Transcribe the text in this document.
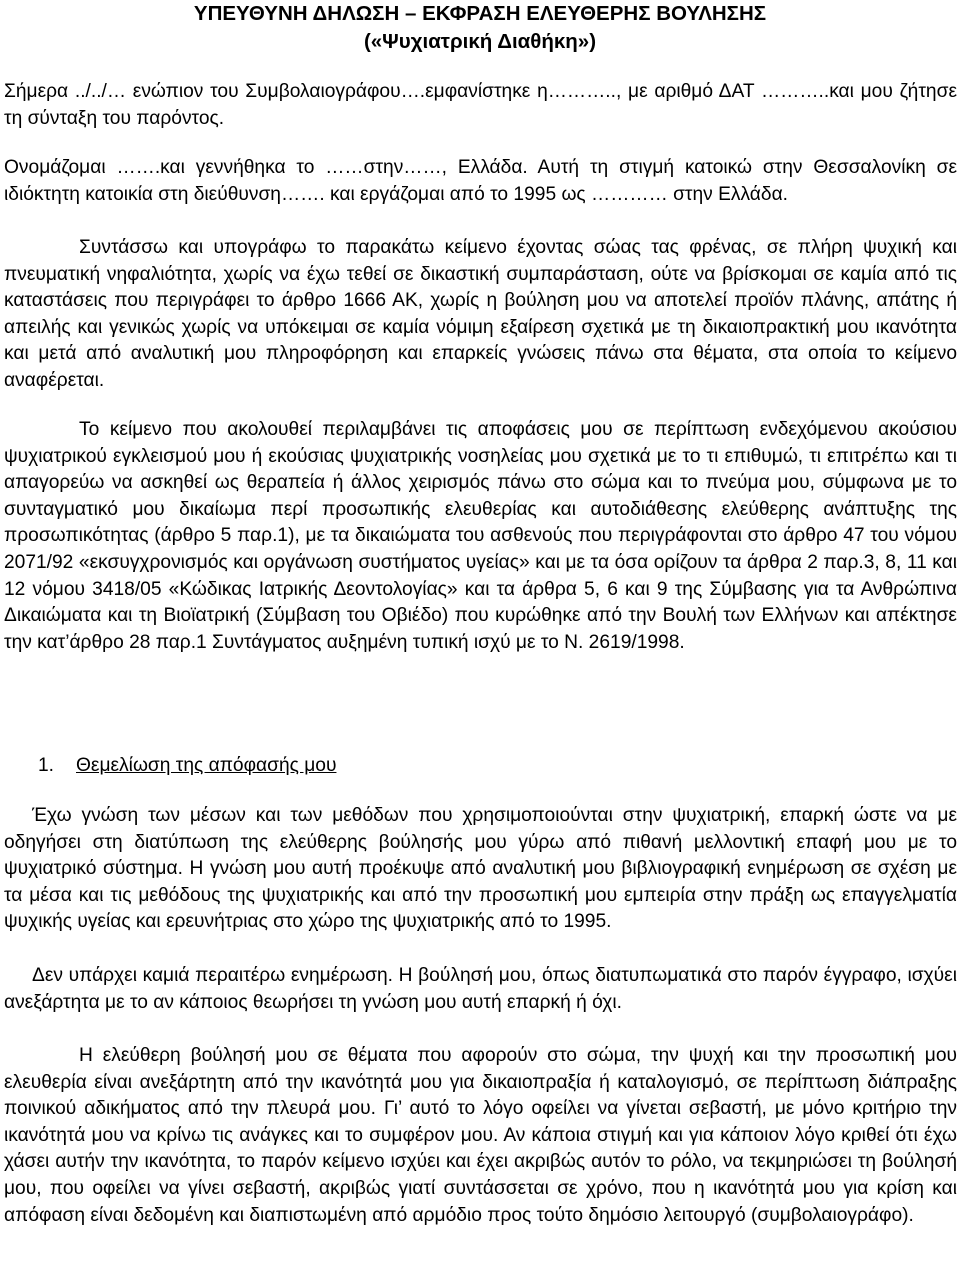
ΥΠΕΥΘΥΝΗ ΔΗΛΩΣΗ – ΕΚΦΡΑΣΗ ΕΛΕΥΘΕΡΗΣ ΒΟΥΛΗΣΗΣ

(«Ψυχιατρική Διαθήκη»)

Σήμερα ../../… ενώπιον του Συμβολαιογράφου….εμφανίστηκε η……….., με αριθμό ΔΑΤ ………..και μου ζήτησε τη σύνταξη του παρόντος.

Ονομάζομαι …….και γεννήθηκα το ……στην……, Ελλάδα. Αυτή τη στιγμή κατοικώ στην Θεσσαλονίκη σε ιδιόκτητη κατοικία στη διεύθυνση……. και εργάζομαι από το 1995 ως ………… στην Ελλάδα.

Συντάσσω και υπογράφω το παρακάτω κείμενο έχοντας σώας τας φρένας, σε πλήρη ψυχική και πνευματική νηφαλιότητα, χωρίς να έχω τεθεί σε δικαστική συμπαράσταση, ούτε να βρίσκομαι σε καμία από τις καταστάσεις που περιγράφει το άρθρο 1666 ΑΚ, χωρίς η βούληση μου να αποτελεί προϊόν πλάνης, απάτης ή απειλής και γενικώς χωρίς να υπόκειμαι σε καμία νόμιμη εξαίρεση σχετικά με τη δικαιοπρακτική μου ικανότητα και μετά από αναλυτική μου πληροφόρηση και επαρκείς γνώσεις πάνω στα θέματα, στα οποία το κείμενο αναφέρεται.

Το κείμενο που ακολουθεί περιλαμβάνει τις αποφάσεις μου σε περίπτωση ενδεχόμενου ακούσιου ψυχιατρικού εγκλεισμού μου ή εκούσιας ψυχιατρικής νοσηλείας μου σχετικά με το τι επιθυμώ, τι επιτρέπω και τι απαγορεύω να ασκηθεί ως θεραπεία ή άλλος χειρισμός πάνω στο σώμα και το πνεύμα μου, σύμφωνα με το συνταγματικό μου δικαίωμα περί προσωπικής ελευθερίας και αυτοδιάθεσης ελεύθερης ανάπτυξης της προσωπικότητας (άρθρο 5 παρ.1), με τα δικαιώματα του ασθενούς που περιγράφονται στο άρθρο 47 του νόμου 2071/92 «εκσυγχρονισμός και οργάνωση συστήματος υγείας» και με τα όσα ορίζουν τα άρθρα 2 παρ.3, 8, 11 και 12 νόμου 3418/05 «Κώδικας Ιατρικής Δεοντολογίας» και τα άρθρα 5, 6 και 9 της Σύμβασης για τα Ανθρώπινα Δικαιώματα και τη Βιοϊατρική (Σύμβαση του Οβιέδο) που κυρώθηκε από την Βουλή των Ελλήνων και απέκτησε την κατ’άρθρο 28 παρ.1 Συντάγματος αυξημένη τυπική ισχύ με το Ν. 2619/1998.

1. Θεμελίωση της απόφασής μου

Έχω γνώση των μέσων και των μεθόδων που χρησιμοποιούνται στην ψυχιατρική, επαρκή ώστε να με οδηγήσει στη διατύπωση της ελεύθερης βούλησής μου γύρω από πιθανή μελλοντική επαφή μου με το ψυχιατρικό σύστημα. Η γνώση μου αυτή προέκυψε από αναλυτική μου βιβλιογραφική ενημέρωση σε σχέση με τα μέσα και τις μεθόδους της ψυχιατρικής και από την προσωπική μου εμπειρία στην πράξη ως επαγγελματία ψυχικής υγείας και ερευνήτριας στο χώρο της ψυχιατρικής από το 1995.

Δεν υπάρχει καμιά περαιτέρω ενημέρωση. Η βούλησή μου, όπως διατυπωματικά στο παρόν έγγραφο, ισχύει ανεξάρτητα με το αν κάποιος θεωρήσει τη γνώση μου αυτή επαρκή ή όχι.

Η ελεύθερη βούλησή μου σε θέματα που αφορούν στο σώμα, την ψυχή και την προσωπική μου ελευθερία είναι ανεξάρτητη από την ικανότητά μου για δικαιοπραξία ή καταλογισμό, σε περίπτωση διάπραξης ποινικού αδικήματος από την πλευρά μου. Γι’ αυτό το λόγο οφείλει να γίνεται σεβαστή, με μόνο κριτήριο την ικανότητά μου να κρίνω τις ανάγκες και το συμφέρον μου. Αν κάποια στιγμή και για κάποιον λόγο κριθεί ότι έχω χάσει αυτήν την ικανότητα, το παρόν κείμενο ισχύει και έχει ακριβώς αυτόν το ρόλο, να τεκμηριώσει τη βούλησή μου, που οφείλει να γίνει σεβαστή, ακριβώς γιατί συντάσσεται σε χρόνο, που η ικανότητά μου για κρίση και απόφαση είναι δεδομένη και διαπιστωμένη από αρμόδιο προς τούτο δημόσιο λειτουργό (συμβολαιογράφο).
